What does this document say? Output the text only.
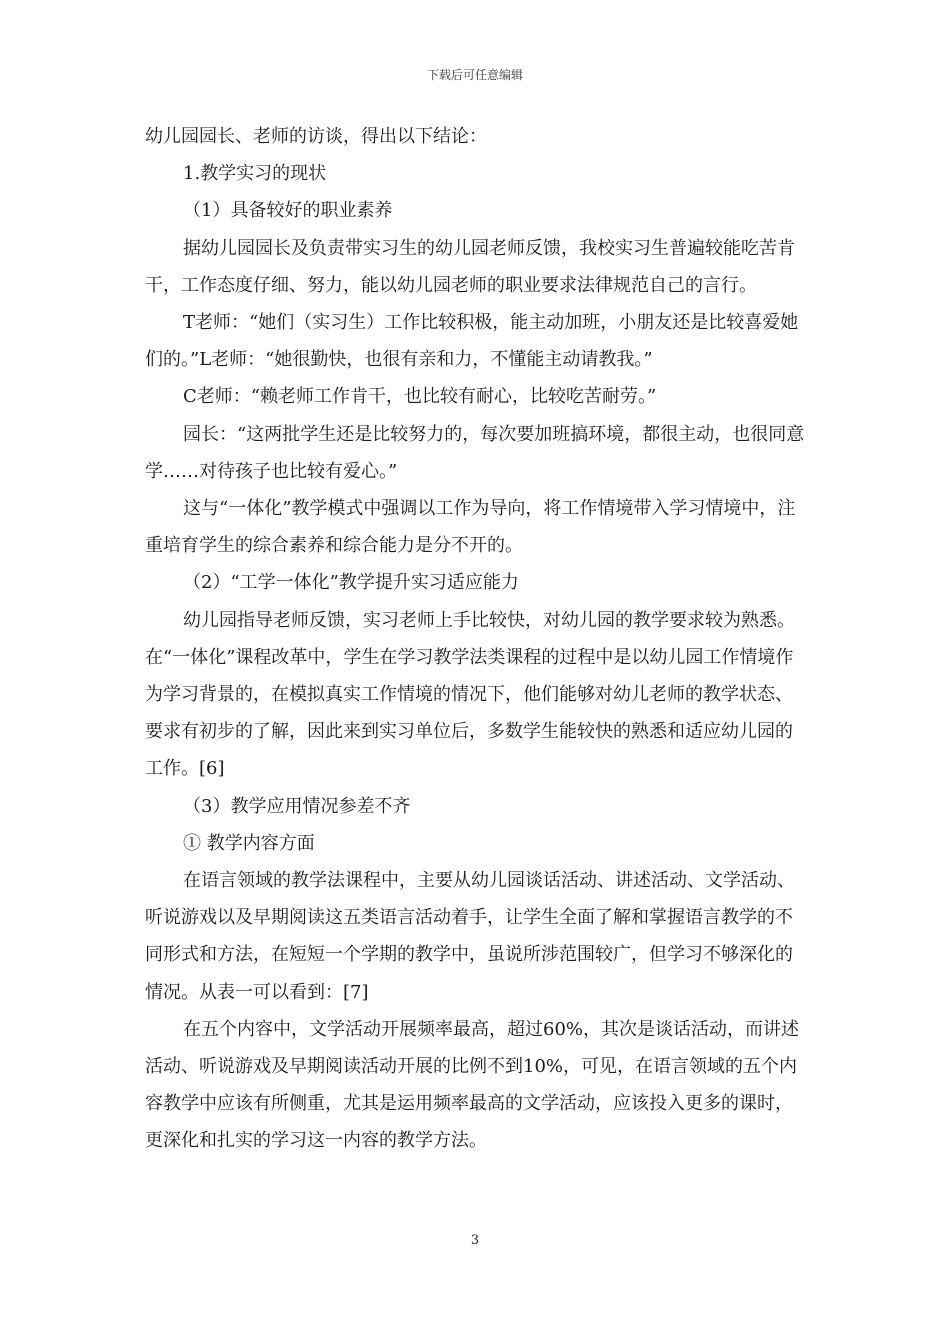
下载后可任意编辑

幼儿园园长、老师的访谈，得出以下结论：

1.教学实习的现状

（1）具备较好的职业素养

据幼儿园园长及负责带实习生的幼儿园老师反馈，我校实习生普遍较能吃苦肯干，工作态度仔细、努力，能以幼儿园老师的职业要求法律规范自己的言行。

T老师：“她们（实习生）工作比较积极，能主动加班，小朋友还是比较喜爱她们的。”L老师：“她很勤快，也很有亲和力，不懂能主动请教我。”

C老师：“赖老师工作肯干，也比较有耐心，比较吃苦耐劳。”

园长：“这两批学生还是比较努力的，每次要加班搞环境，都很主动，也很同意学……对待孩子也比较有爱心。”

这与“一体化”教学模式中强调以工作为导向，将工作情境带入学习情境中，注重培育学生的综合素养和综合能力是分不开的。

（2）“工学一体化”教学提升实习适应能力

幼儿园指导老师反馈，实习老师上手比较快，对幼儿园的教学要求较为熟悉。在“一体化”课程改革中，学生在学习教学法类课程的过程中是以幼儿园工作情境作为学习背景的，在模拟真实工作情境的情况下，他们能够对幼儿老师的教学状态、要求有初步的了解，因此来到实习单位后，多数学生能较快的熟悉和适应幼儿园的工作。[6]

（3）教学应用情况参差不齐

① 教学内容方面

在语言领域的教学法课程中，主要从幼儿园谈话活动、讲述活动、文学活动、听说游戏以及早期阅读这五类语言活动着手，让学生全面了解和掌握语言教学的不同形式和方法，在短短一个学期的教学中，虽说所涉范围较广，但学习不够深化的情况。从表一可以看到：[7]

在五个内容中，文学活动开展频率最高，超过60%，其次是谈话活动，而讲述活动、听说游戏及早期阅读活动开展的比例不到10%，可见，在语言领域的五个内容教学中应该有所侧重，尤其是运用频率最高的文学活动，应该投入更多的课时，更深化和扎实的学习这一内容的教学方法。

3
